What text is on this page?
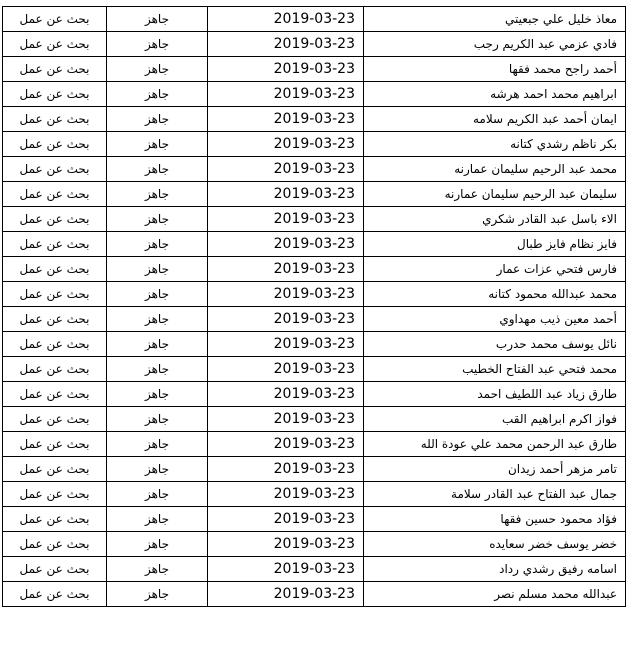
بحث عن عمل	جاهز	2019-03-23	معاذ خليل علي جبعيتي
بحث عن عمل	جاهز	2019-03-23	فادي عزمي عبد الكريم رجب
بحث عن عمل	جاهز	2019-03-23	أحمد راجح محمد فقها
بحث عن عمل	جاهز	2019-03-23	ابراهيم محمد احمد هرشه
بحث عن عمل	جاهز	2019-03-23	ايمان أحمد عبد الكريم سلامه
بحث عن عمل	جاهز	2019-03-23	بكر ناظم رشدي كتانه
بحث عن عمل	جاهز	2019-03-23	محمد عبد الرحيم سليمان عمارنه
بحث عن عمل	جاهز	2019-03-23	سليمان عبد الرحيم سليمان عمارنه
بحث عن عمل	جاهز	2019-03-23	الاء باسل عبد القادر شكري
بحث عن عمل	جاهز	2019-03-23	فايز نظام فايز طبال
بحث عن عمل	جاهز	2019-03-23	فارس فتحي عزات عمار
بحث عن عمل	جاهز	2019-03-23	محمد عبدالله محمود كتانه
بحث عن عمل	جاهز	2019-03-23	أحمد معين ذيب مهداوي
بحث عن عمل	جاهز	2019-03-23	نائل يوسف محمد حدرب
بحث عن عمل	جاهز	2019-03-23	محمد فتحي عبد الفتاح الخطيب
بحث عن عمل	جاهز	2019-03-23	طارق زياد عبد اللطيف احمد
بحث عن عمل	جاهز	2019-03-23	فواز اكرم ابراهيم القب
بحث عن عمل	جاهز	2019-03-23	طارق عبد الرحمن محمد علي عودة الله
بحث عن عمل	جاهز	2019-03-23	تامر مزهر أحمد زيدان
بحث عن عمل	جاهز	2019-03-23	جمال عبد الفتاح عبد القادر سلامة
بحث عن عمل	جاهز	2019-03-23	فؤاد محمود حسين فقها
بحث عن عمل	جاهز	2019-03-23	خضر يوسف خضر سعايده
بحث عن عمل	جاهز	2019-03-23	اسامه رفيق رشدي رداد
بحث عن عمل	جاهز	2019-03-23	عبدالله محمد مسلم نصر
